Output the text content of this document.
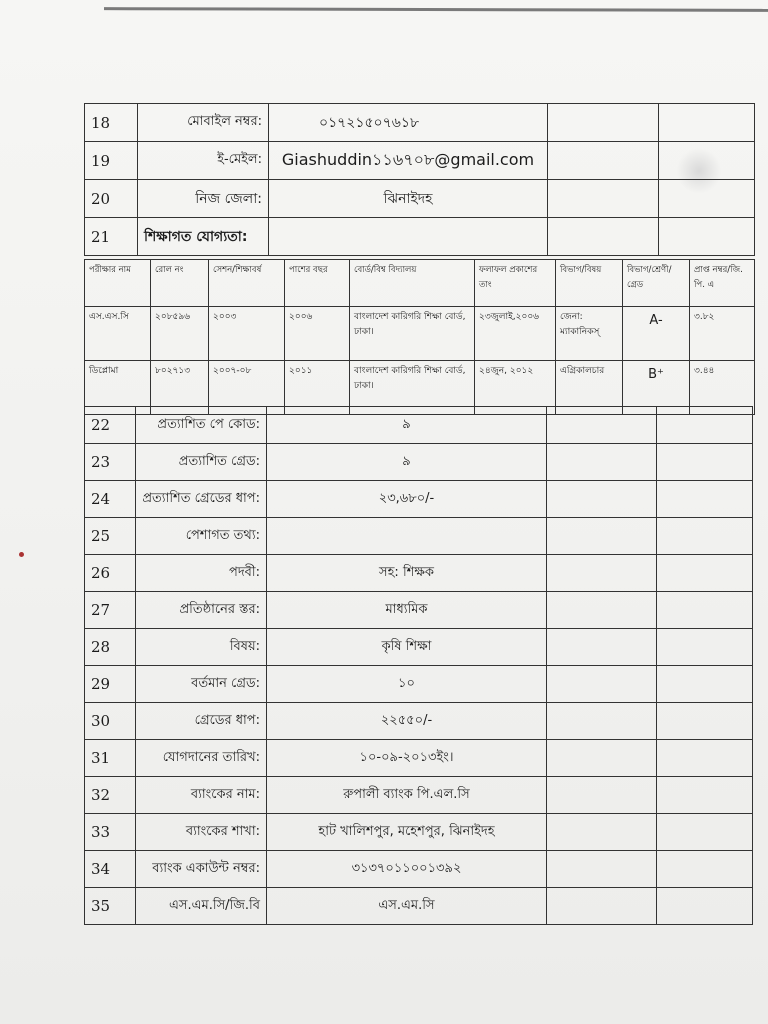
18	মোবাইল নম্বর:	০১৭২১৫০৭৬১৮		
19	ই-মেইল:	Giashuddin১১৬৭০৮@gmail.com		
20	নিজ জেলা:	ঝিনাইদহ		
21	শিক্ষাগত যোগ্যতা:			
পরীক্ষার নাম	রোল নং	সেশন/শিক্ষাবর্ষ	পাশের বছর	বোর্ড/বিশ্ব বিদ্যালয়	ফলাফল প্রকাশের তাং	বিভাগ/বিষয়	বিভাগ/শ্রেণী/ গ্রেড	প্রাপ্ত নম্বর/জি. পি. এ
এস.এস.সি	২০৮৫৯৬	২০০৩	২০০৬	বাংলাদেশ কারিগরি শিক্ষা বোর্ড, ঢাকা।	২৩জুলাই,২০০৬	জেনা: ম্যাকানিকস্	A-	৩.৮২
ডিপ্লোমা	৮০২৭১৩	২০০৭-০৮	২০১১	বাংলাদেশ কারিগরি শিক্ষা বোর্ড, ঢাকা।	২৪জুন, ২০১২	এগ্রিকালচার	B⁺	৩.৪৪
22	প্রত্যাশিত পে কোড:	৯		
23	প্রত্যাশিত গ্রেড:	৯		
24	প্রত্যাশিত গ্রেডের ধাপ:	২৩,৬৮০/-		
25	পেশাগত তথ্য:			
26	পদবী:	সহ: শিক্ষক		
27	প্রতিষ্ঠানের স্তর:	মাধ্যমিক		
28	বিষয়:	কৃষি শিক্ষা		
29	বর্তমান গ্রেড:	১০		
30	গ্রেডের ধাপ:	২২৫৫০/-		
31	যোগদানের তারিখ:	১০-০৯-২০১৩ইং।		
32	ব্যাংকের নাম:	রুপালী ব্যাংক পি.এল.সি		
33	ব্যাংকের শাখা:	হাট খালিশপুর, মহেশপুর, ঝিনাইদহ		
34	ব্যাংক একাউন্ট নম্বর:	৩১৩৭০১১০০১৩৯২		
35	এস.এম.সি/জি.বি	এস.এম.সি		
